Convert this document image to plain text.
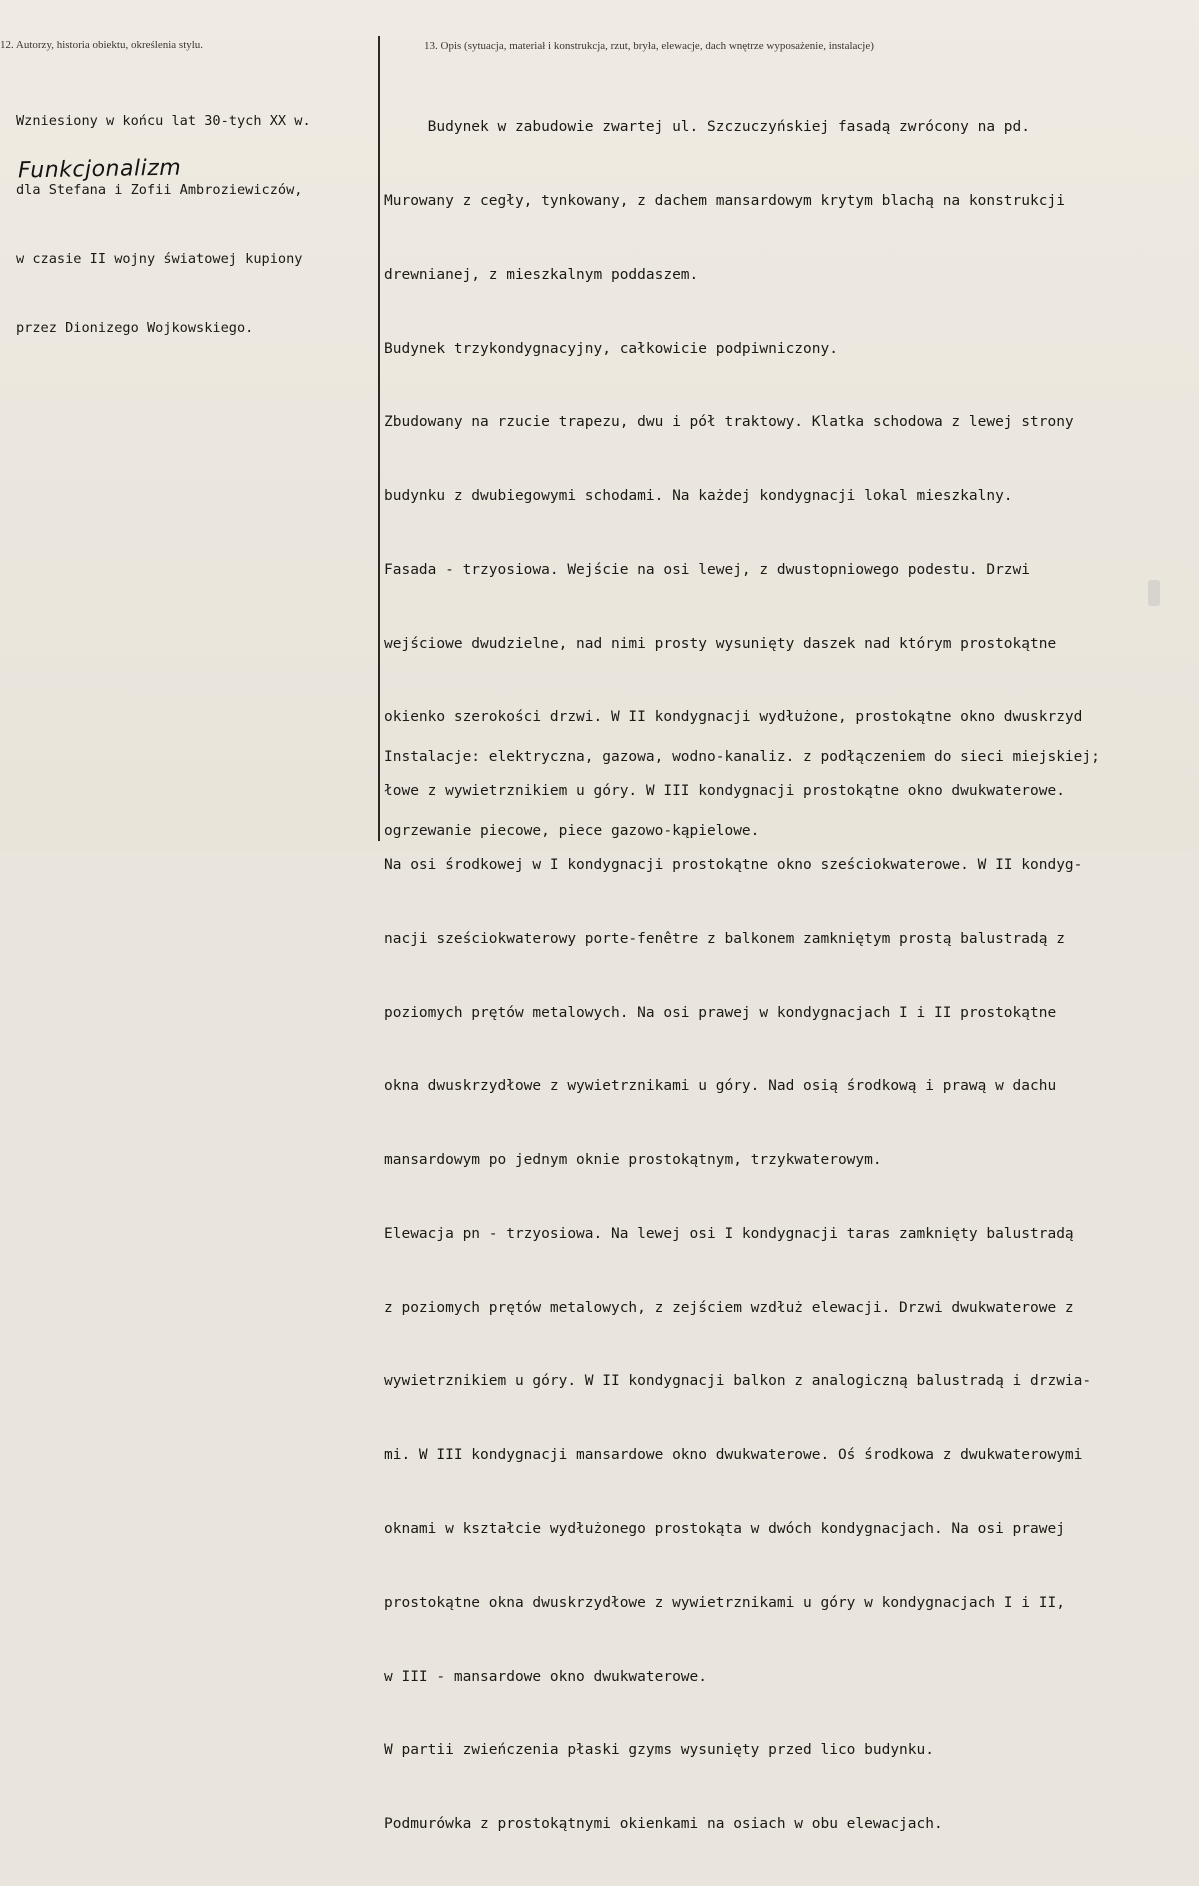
12. Autorzy, historia obiektu, określenia stylu.	13. Opis (sytuacja, materiał i konstrukcja, rzut, bryła, elewacje, dach wnętrze wyposażenie, instalacje)

Wzniesiony w końcu lat 30-tych XX w.

dla Stefana i Zofii Ambroziewiczów,

w czasie II wojny światowej kupiony

przez Dionizego Wojkowskiego.

Funkcjonalizm

Budynek w zabudowie zwartej ul. Szczuczyńskiej fasadą zwrócony na pd.

Murowany z cegły, tynkowany, z dachem mansardowym krytym blachą na konstrukcji

drewnianej, z mieszkalnym poddaszem.

Budynek trzykondygnacyjny, całkowicie podpiwniczony.

Zbudowany na rzucie trapezu, dwu i pół traktowy. Klatka schodowa z lewej strony

budynku z dwubiegowymi schodami. Na każdej kondygnacji lokal mieszkalny.

Fasada - trzyosiowa. Wejście na osi lewej, z dwustopniowego podestu. Drzwi

wejściowe dwudzielne, nad nimi prosty wysunięty daszek nad którym prostokątne

okienko szerokości drzwi. W II kondygnacji wydłużone, prostokątne okno dwuskrzyd

łowe z wywietrznikiem u góry. W III kondygnacji prostokątne okno dwukwaterowe.

Na osi środkowej w I kondygnacji prostokątne okno sześciokwaterowe. W II kondyg-

nacji sześciokwaterowy porte-fenêtre z balkonem zamkniętym prostą balustradą z

poziomych prętów metalowych. Na osi prawej w kondygnacjach I i II prostokątne

okna dwuskrzydłowe z wywietrznikami u góry. Nad osią środkową i prawą w dachu

mansardowym po jednym oknie prostokątnym, trzykwaterowym.

Elewacja pn - trzyosiowa. Na lewej osi I kondygnacji taras zamknięty balustradą

z poziomych prętów metalowych, z zejściem wzdłuż elewacji. Drzwi dwukwaterowe z

wywietrznikiem u góry. W II kondygnacji balkon z analogiczną balustradą i drzwia-

mi. W III kondygnacji mansardowe okno dwukwaterowe. Oś środkowa z dwukwaterowymi

oknami w kształcie wydłużonego prostokąta w dwóch kondygnacjach. Na osi prawej

prostokątne okna dwuskrzydłowe z wywietrznikami u góry w kondygnacjach I i II,

w III - mansardowe okno dwukwaterowe.

W partii zwieńczenia płaski gzyms wysunięty przed lico budynku.

Podmurówka z prostokątnymi okienkami na osiach w obu elewacjach.

Instalacje: elektryczna, gazowa, wodno-kanaliz. z podłączeniem do sieci miejskiej;

ogrzewanie piecowe, piece gazowo-kąpielowe.
